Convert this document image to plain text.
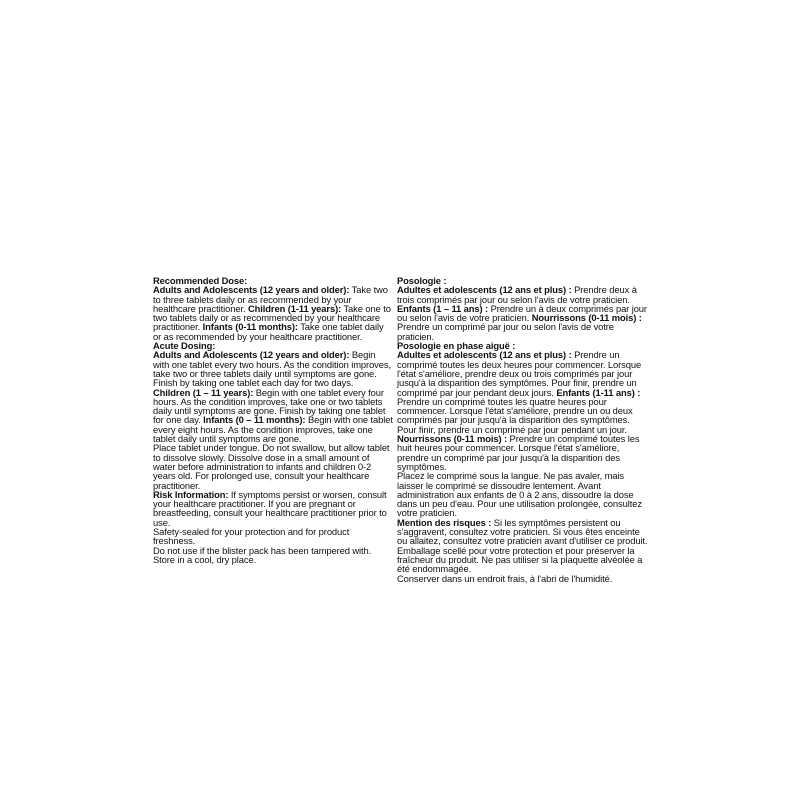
Recommended Dose:

Adults and Adolescents (12 years and older): Take two to three tablets daily or as recommended by your healthcare practitioner. Children (1-11 years): Take one to two tablets daily or as recommended by your healthcare practitioner. Infants (0-11 months): Take one tablet daily or as recommended by your healthcare practitioner.

Acute Dosing:

Adults and Adolescents (12 years and older): Begin with one tablet every two hours. As the condition improves, take two or three tablets daily until symptoms are gone. Finish by taking one tablet each day for two days. Children (1 – 11 years): Begin with one tablet every four hours. As the condition improves, take one or two tablets daily until symptoms are gone. Finish by taking one tablet for one day. Infants (0 – 11 months): Begin with one tablet every eight hours. As the condition improves, take one tablet daily until symptoms are gone.

Place tablet under tongue. Do not swallow, but allow tablet to dissolve slowly. Dissolve dose in a small amount of water before administration to infants and children 0-2 years old. For prolonged use, consult your healthcare practitioner.

Risk Information: If symptoms persist or worsen, consult your healthcare practitioner. If you are pregnant or breastfeeding, consult your healthcare practitioner prior to use.

Safety-sealed for your protection and for product freshness.

Do not use if the blister pack has been tampered with. Store in a cool, dry place.

Posologie :

Adultes et adolescents (12 ans et plus) : Prendre deux à trois comprimés par jour ou selon l'avis de votre praticien. Enfants (1 – 11 ans) : Prendre un à deux comprimés par jour ou selon l'avis de votre praticien. Nourrissons (0-11 mois) : Prendre un comprimé par jour ou selon l'avis de votre praticien.

Posologie en phase aiguë :

Adultes et adolescents (12 ans et plus) : Prendre un comprimé toutes les deux heures pour commencer. Lorsque l'état s'améliore, prendre deux ou trois comprimés par jour jusqu'à la disparition des symptômes. Pour finir, prendre un comprimé par jour pendant deux jours. Enfants (1-11 ans) : Prendre un comprimé toutes les quatre heures pour commencer. Lorsque l'état s'améliore, prendre un ou deux comprimés par jour jusqu'à la disparition des symptômes. Pour finir, prendre un comprimé par jour pendant un jour. Nourrissons (0-11 mois) : Prendre un comprimé toutes les huit heures pour commencer. Lorsque l'état s'améliore, prendre un comprimé par jour jusqu'à la disparition des symptômes.

Placez le comprimé sous la langue. Ne pas avaler, mais laisser le comprimé se dissoudre lentement. Avant administration aux enfants de 0 à 2 ans, dissoudre la dose dans un peu d'eau. Pour une utilisation prolongée, consultez votre praticien.

Mention des risques : Si les symptômes persistent ou s'aggravent, consultez votre praticien. Si vous êtes enceinte ou allaitez, consultez votre praticien avant d'utiliser ce produit.

Emballage scellé pour votre protection et pour préserver la fraîcheur du produit. Ne pas utiliser si la plaquette alvéolée a été endommagée.

Conserver dans un endroit frais, à l'abri de l'humidité.
